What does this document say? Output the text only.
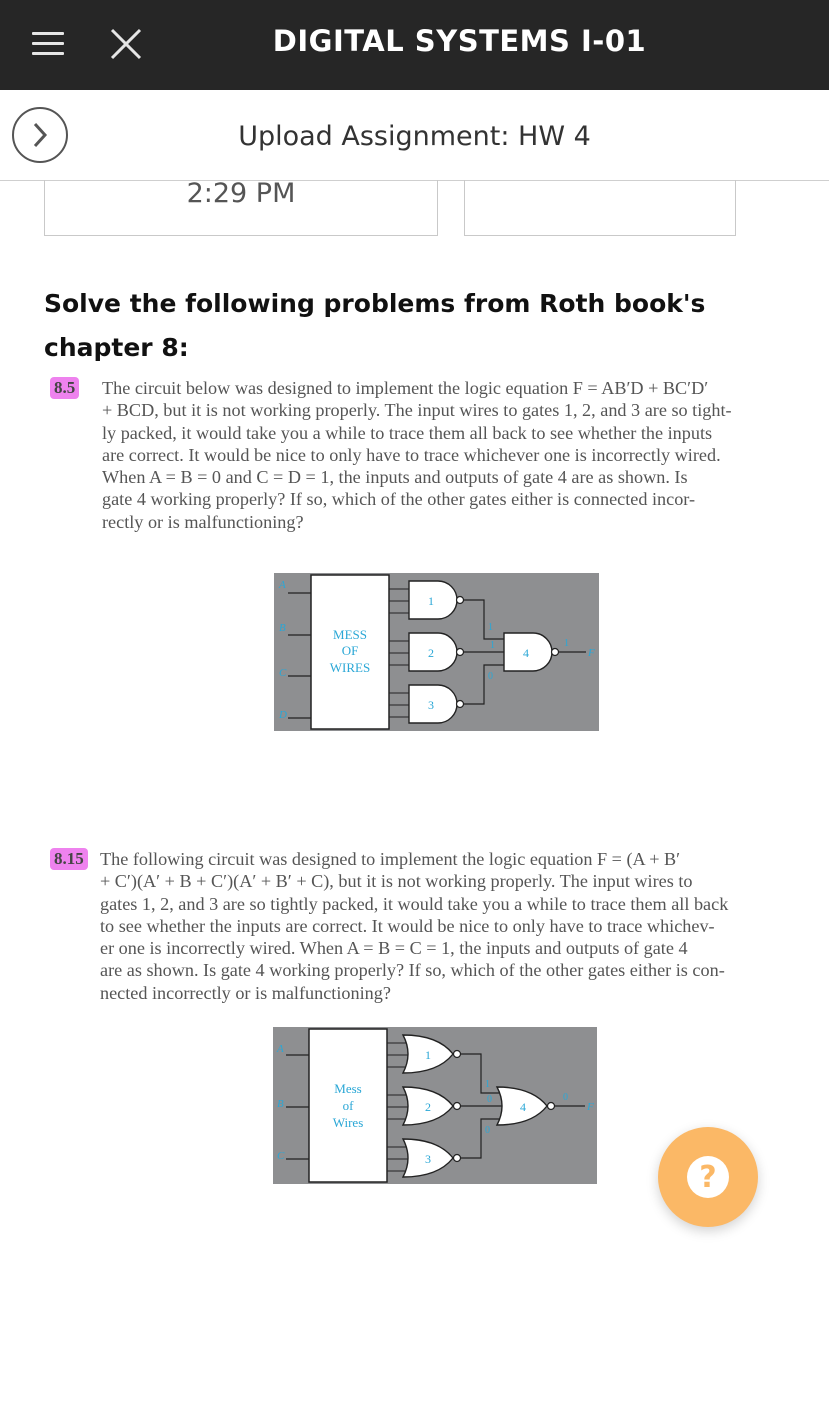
DIGITAL SYSTEMS I-01
Upload Assignment: HW 4
2:29 PM
Solve the following problems from Roth book's chapter 8:
8.5 The circuit below was designed to implement the logic equation F = AB′D + BC′D′
+ BCD, but it is not working properly. The input wires to gates 1, 2, and 3 are so tight-
ly packed, it would take you a while to trace them all back to see whether the inputs
are correct. It would be nice to only have to trace whichever one is incorrectly wired.
When A = B = 0 and C = D = 1, the inputs and outputs of gate 4 are as shown. Is
gate 4 working properly? If so, which of the other gates either is connected incor-
rectly or is malfunctioning?
A
B
C
D
MESS
OF
WIRES
1
2
3
1
1
0
4
1
F
8.15 The following circuit was designed to implement the logic equation F = (A + B′
+ C′)(A′ + B + C′)(A′ + B′ + C), but it is not working properly. The input wires to
gates 1, 2, and 3 are so tightly packed, it would take you a while to trace them all back
to see whether the inputs are correct. It would be nice to only have to trace whichev-
er one is incorrectly wired. When A = B = C = 1, the inputs and outputs of gate 4
are as shown. Is gate 4 working properly? If so, which of the other gates either is con-
nected incorrectly or is malfunctioning?
A
B
C
Mess
of
Wires
1
2
3
1
0
0
4
0
F
?
